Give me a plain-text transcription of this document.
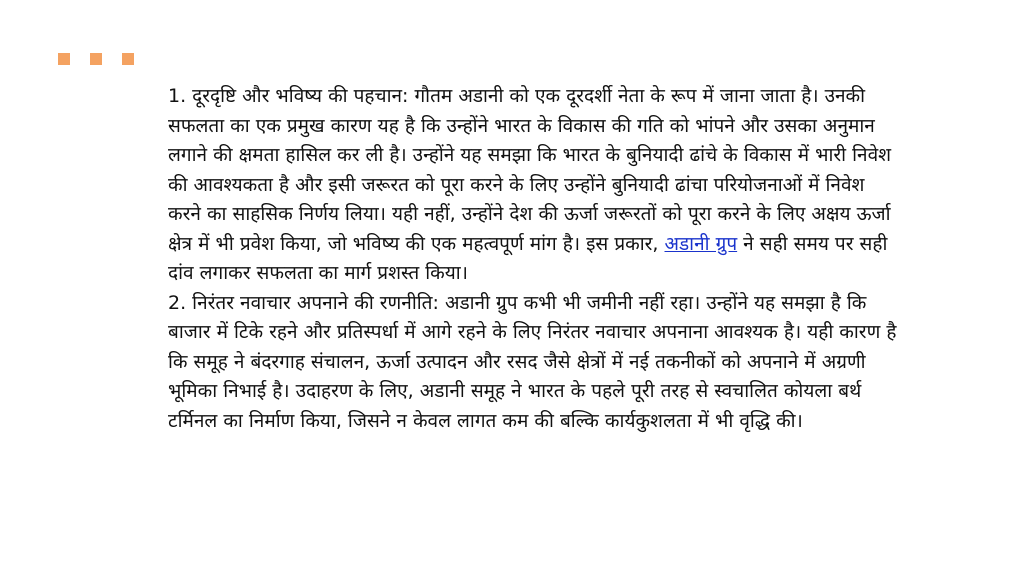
1. दूरदृष्टि और भविष्य की पहचान: गौतम अडानी को एक दूरदर्शी नेता के रूप में जाना जाता है। उनकी सफलता का एक प्रमुख कारण यह है कि उन्होंने भारत के विकास की गति को भांपने और उसका अनुमान लगाने की क्षमता हासिल कर ली है। उन्होंने यह समझा कि भारत के बुनियादी ढांचे के विकास में भारी निवेश की आवश्यकता है और इसी जरूरत को पूरा करने के लिए उन्होंने बुनियादी ढांचा परियोजनाओं में निवेश करने का साहसिक निर्णय लिया। यही नहीं, उन्होंने देश की ऊर्जा जरूरतों को पूरा करने के लिए अक्षय ऊर्जा क्षेत्र में भी प्रवेश किया, जो भविष्य की एक महत्वपूर्ण मांग है। इस प्रकार, अडानी ग्रुप ने सही समय पर सही दांव लगाकर सफलता का मार्ग प्रशस्त किया।

2. निरंतर नवाचार अपनाने की रणनीति: अडानी ग्रुप कभी भी जमीनी नहीं रहा। उन्होंने यह समझा है कि बाजार में टिके रहने और प्रतिस्पर्धा में आगे रहने के लिए निरंतर नवाचार अपनाना आवश्यक है। यही कारण है कि समूह ने बंदरगाह संचालन, ऊर्जा उत्पादन और रसद जैसे क्षेत्रों में नई तकनीकों को अपनाने में अग्रणी भूमिका निभाई है। उदाहरण के लिए, अडानी समूह ने भारत के पहले पूरी तरह से स्वचालित कोयला बर्थ टर्मिनल का निर्माण किया, जिसने न केवल लागत कम की बल्कि कार्यकुशलता में भी वृद्धि की।
